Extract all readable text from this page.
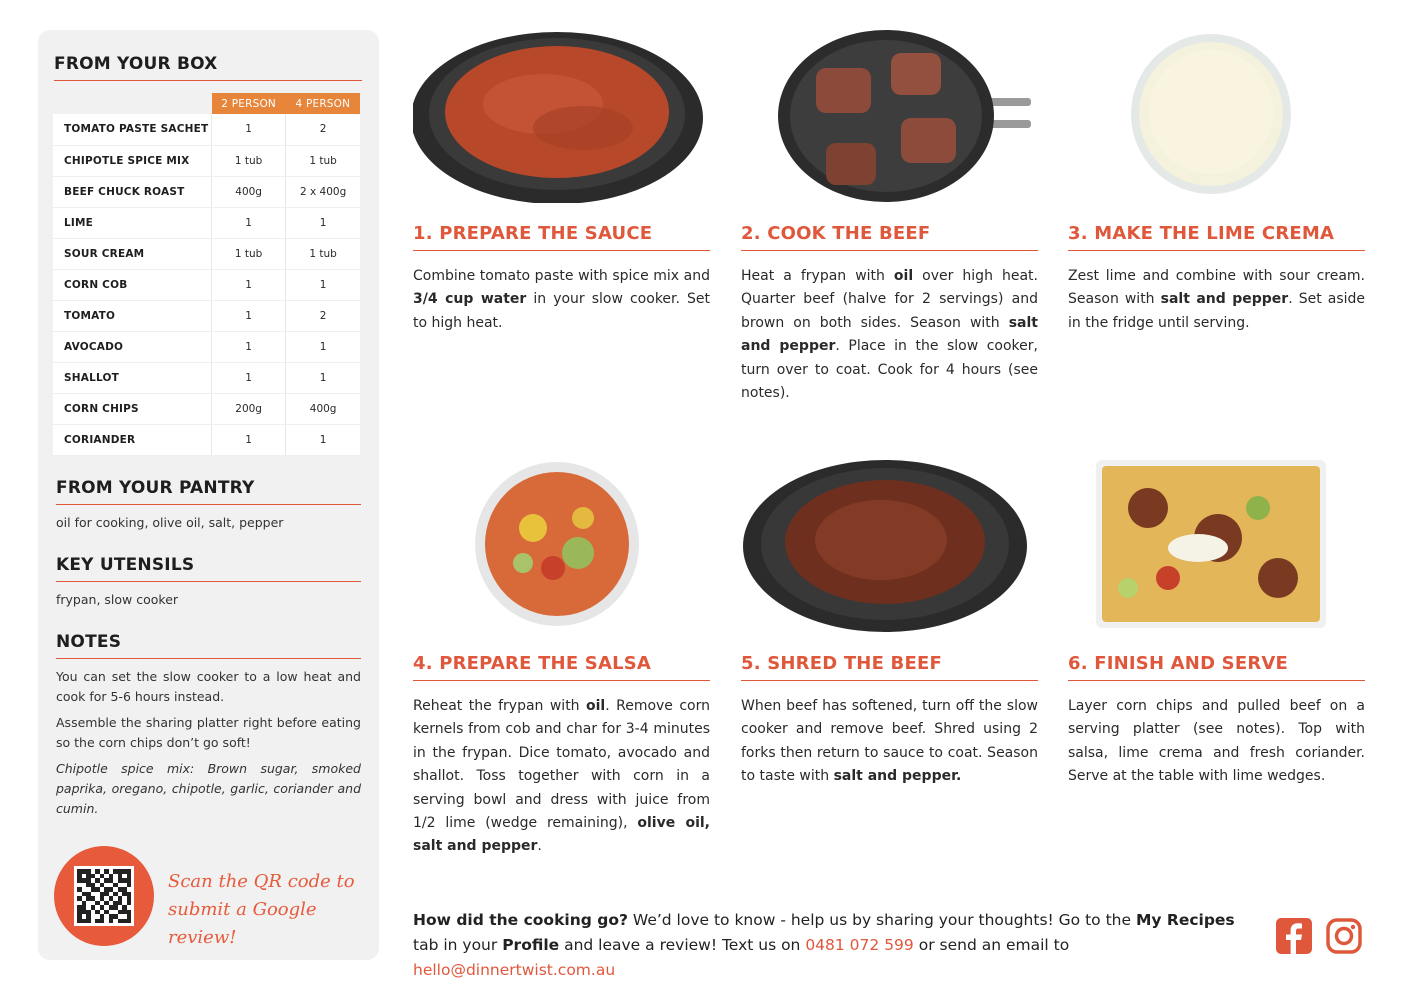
FROM YOUR BOX
	2 PERSON	4 PERSON
TOMATO PASTE SACHET	1	2
CHIPOTLE SPICE MIX	1 tub	1 tub
BEEF CHUCK ROAST	400g	2 x 400g
LIME	1	1
SOUR CREAM	1 tub	1 tub
CORN COB	1	1
TOMATO	1	2
AVOCADO	1	1
SHALLOT	1	1
CORN CHIPS	200g	400g
CORIANDER	1	1
FROM YOUR PANTRY
oil for cooking, olive oil, salt, pepper
KEY UTENSILS
frypan, slow cooker
NOTES
You can set the slow cooker to a low heat and cook for 5-6 hours instead.
Assemble the sharing platter right before eating so the corn chips don’t go soft!
Chipotle spice mix: Brown sugar, smoked paprika, oregano, chipotle, garlic, coriander and cumin.
Scan the QR code to
submit a Google review!
1. PREPARE THE SAUCE

Combine tomato paste with spice mix and 3/4 cup water in your slow cooker. Set to high heat.

2. COOK THE BEEF

Heat a frypan with oil over high heat. Quarter beef (halve for 2 servings) and brown on both sides. Season with salt and pepper. Place in the slow cooker, turn over to coat. Cook for 4 hours (see notes).

3. MAKE THE LIME CREMA

Zest lime and combine with sour cream. Season with salt and pepper. Set aside in the fridge until serving.

4. PREPARE THE SALSA

Reheat the frypan with oil. Remove corn kernels from cob and char for 3-4 minutes in the frypan. Dice tomato, avocado and shallot. Toss together with corn in a serving bowl and dress with juice from 1/2 lime (wedge remaining), olive oil, salt and pepper.

5. SHRED THE BEEF

When beef has softened, turn off the slow cooker and remove beef. Shred using 2 forks then return to sauce to coat. Season to taste with salt and pepper.

6. FINISH AND SERVE

Layer corn chips and pulled beef on a serving platter (see notes). Top with salsa, lime crema and fresh coriander. Serve at the table with lime wedges.

How did the cooking go? We’d love to know - help us by sharing your thoughts! Go to the My Recipes tab in your Profile and leave a review! Text us on 0481 072 599 or send an email to hello@dinnertwist.com.au
